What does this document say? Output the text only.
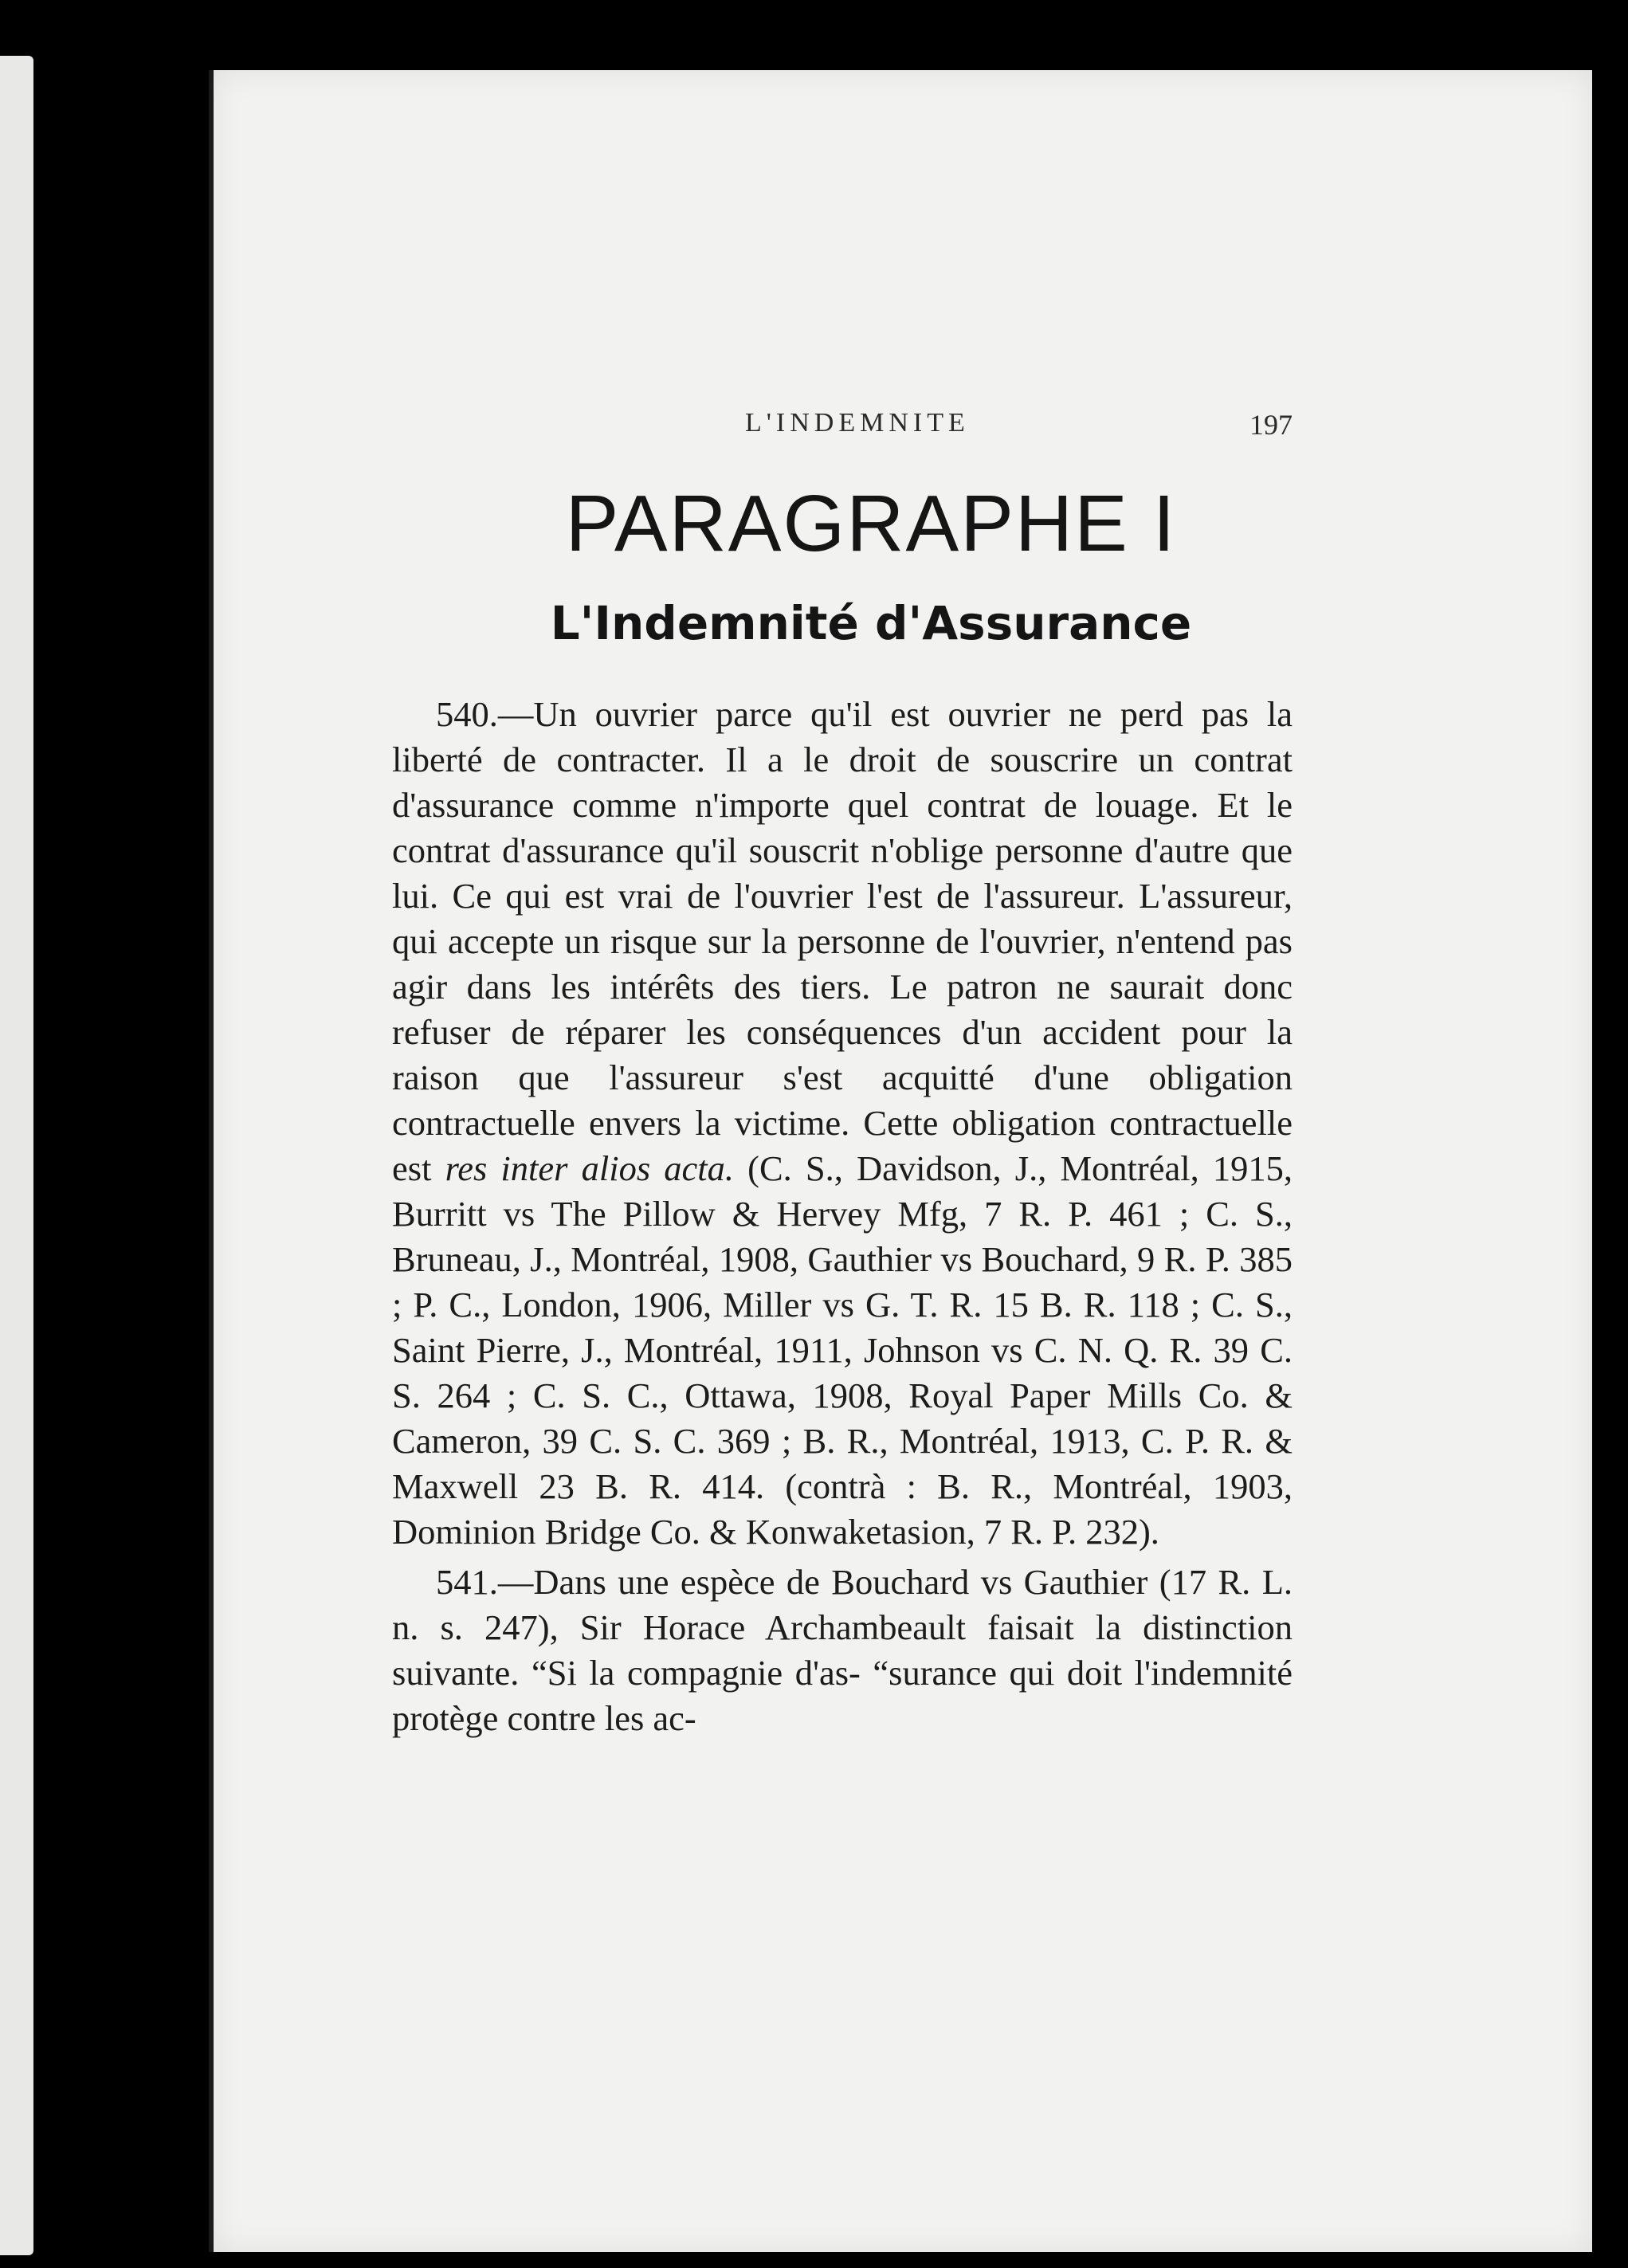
L'INDEMNITE	197
PARAGRAPHE I
L'Indemnité d'Assurance

540.—Un ouvrier parce qu'il est ouvrier ne perd pas la liberté de contracter. Il a le droit de souscrire un contrat d'assurance comme n'importe quel contrat de louage. Et le contrat d'assurance qu'il souscrit n'oblige personne d'autre que lui. Ce qui est vrai de l'ouvrier l'est de l'assureur. L'assureur, qui accepte un risque sur la personne de l'ouvrier, n'entend pas agir dans les intérêts des tiers. Le patron ne saurait donc refuser de réparer les conséquences d'un accident pour la raison que l'assureur s'est acquitté d'une obligation contractuelle envers la victime. Cette obligation contractuelle est res inter alios acta. (C. S., Davidson, J., Montréal, 1915, Burritt vs The Pillow & Hervey Mfg, 7 R. P. 461 ; C. S., Bruneau, J., Montréal, 1908, Gauthier vs Bouchard, 9 R. P. 385 ; P. C., London, 1906, Miller vs G. T. R. 15 B. R. 118 ; C. S., Saint Pierre, J., Montréal, 1911, Johnson vs C. N. Q. R. 39 C. S. 264 ; C. S. C., Ottawa, 1908, Royal Paper Mills Co. & Cameron, 39 C. S. C. 369 ; B. R., Montréal, 1913, C. P. R. & Maxwell 23 B. R. 414. (contrà : B. R., Montréal, 1903, Dominion Bridge Co. & Konwaketasion, 7 R. P. 232).

541.—Dans une espèce de Bouchard vs Gauthier (17 R. L. n. s. 247), Sir Horace Archambeault faisait la distinction suivante. “Si la compagnie d'as- “surance qui doit l'indemnité protège contre les ac-
